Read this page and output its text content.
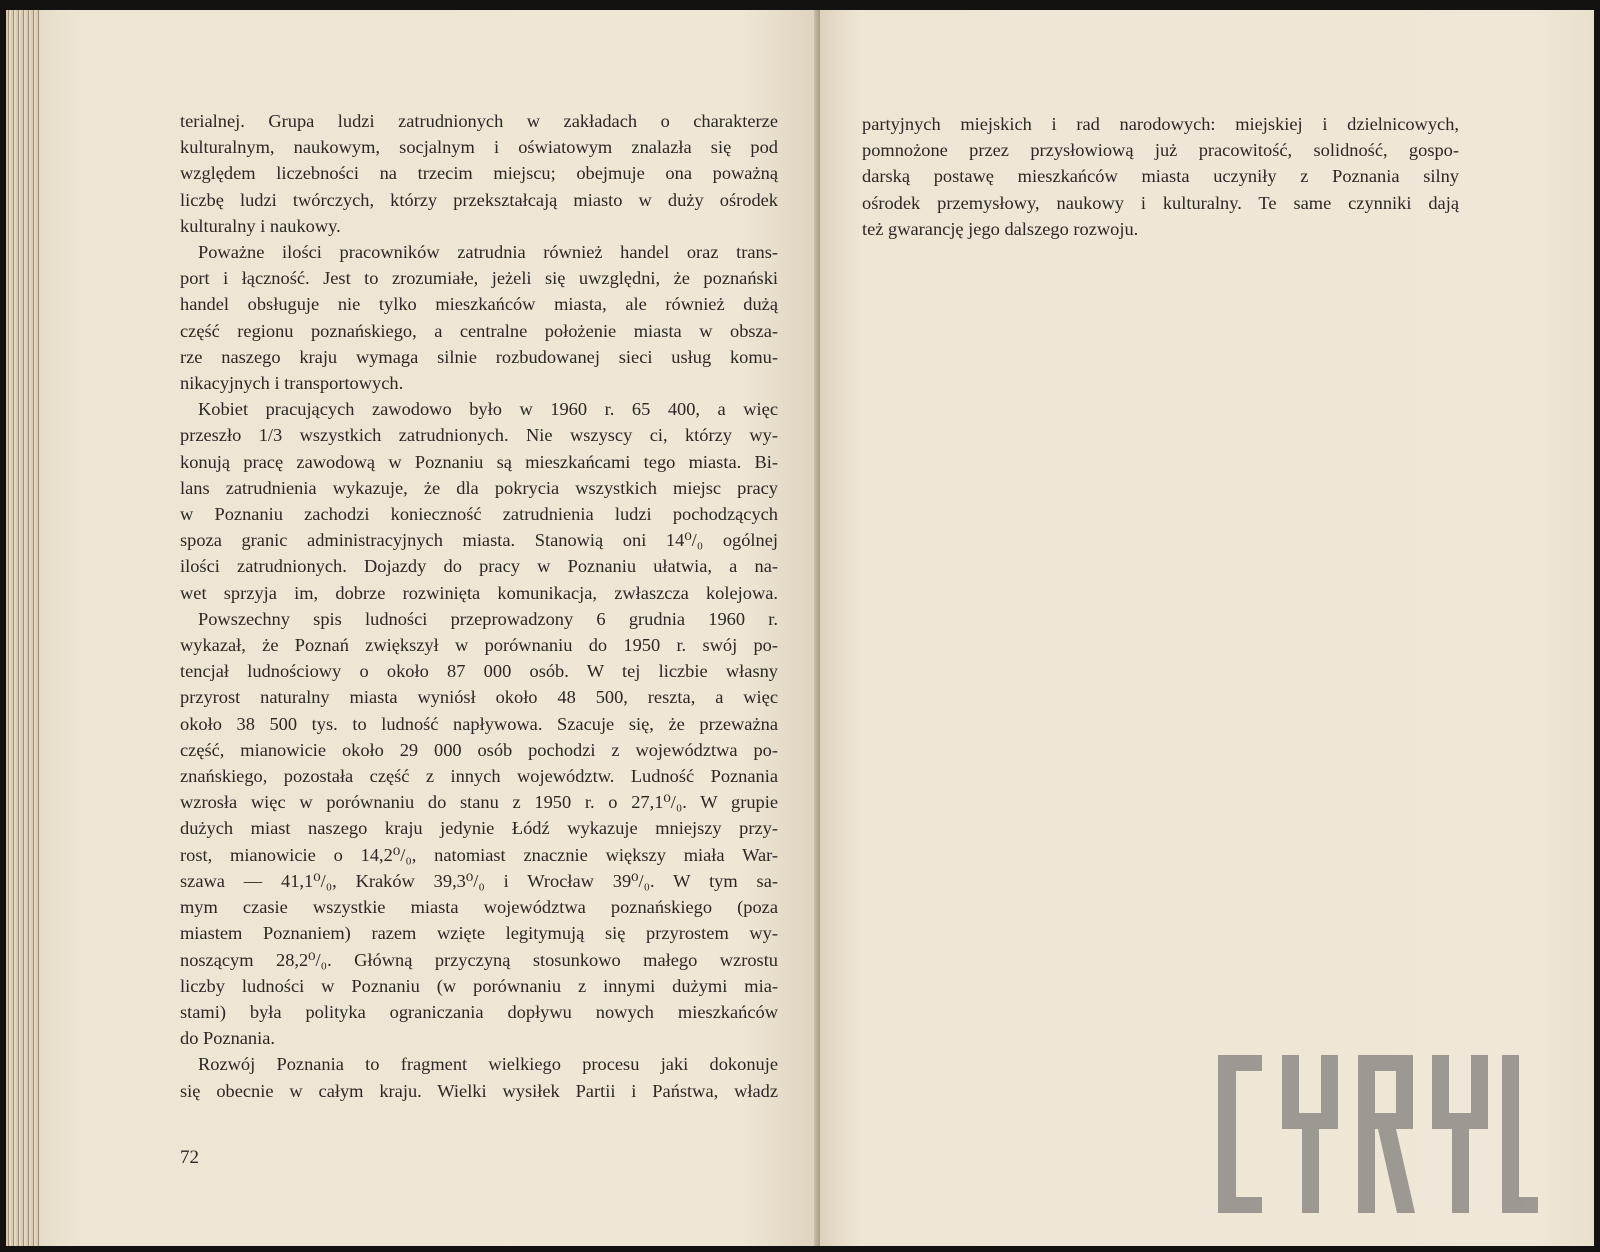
terialnej. Grupa ludzi zatrudnionych w zakładach o charakterze
kulturalnym, naukowym, socjalnym i oświatowym znalazła się pod
względem liczebności na trzecim miejscu; obejmuje ona poważną
liczbę ludzi twórczych, którzy przekształcają miasto w duży ośrodek
kulturalny i naukowy.
Poważne ilości pracowników zatrudnia również handel oraz trans-
port i łączność. Jest to zrozumiałe, jeżeli się uwzględni, że poznański
handel obsługuje nie tylko mieszkańców miasta, ale również dużą
część regionu poznańskiego, a centralne położenie miasta w obsza-
rze naszego kraju wymaga silnie rozbudowanej sieci usług komu-
nikacyjnych i transportowych.
Kobiet pracujących zawodowo było w 1960 r. 65 400, a więc
przeszło 1/3 wszystkich zatrudnionych. Nie wszyscy ci, którzy wy-
konują pracę zawodową w Poznaniu są mieszkańcami tego miasta. Bi-
lans zatrudnienia wykazuje, że dla pokrycia wszystkich miejsc pracy
w Poznaniu zachodzi konieczność zatrudnienia ludzi pochodzących
spoza granic administracyjnych miasta. Stanowią oni 14⁰/₀ ogólnej
ilości zatrudnionych. Dojazdy do pracy w Poznaniu ułatwia, a na-
wet sprzyja im, dobrze rozwinięta komunikacja, zwłaszcza kolejowa.
Powszechny spis ludności przeprowadzony 6 grudnia 1960 r.
wykazał, że Poznań zwiększył w porównaniu do 1950 r. swój po-
tencjał ludnościowy o około 87 000 osób. W tej liczbie własny
przyrost naturalny miasta wyniósł około 48 500, reszta, a więc
około 38 500 tys. to ludność napływowa. Szacuje się, że przeważna
część, mianowicie około 29 000 osób pochodzi z województwa po-
znańskiego, pozostała część z innych województw. Ludność Poznania
wzrosła więc w porównaniu do stanu z 1950 r. o 27,1⁰/₀. W grupie
dużych miast naszego kraju jedynie Łódź wykazuje mniejszy przy-
rost, mianowicie o 14,2⁰/₀, natomiast znacznie większy miała War-
szawa — 41,1⁰/₀, Kraków 39,3⁰/₀ i Wrocław 39⁰/₀. W tym sa-
mym czasie wszystkie miasta województwa poznańskiego (poza
miastem Poznaniem) razem wzięte legitymują się przyrostem wy-
noszącym 28,2⁰/₀. Główną przyczyną stosunkowo małego wzrostu
liczby ludności w Poznaniu (w porównaniu z innymi dużymi mia-
stami) była polityka ograniczania dopływu nowych mieszkańców
do Poznania.
Rozwój Poznania to fragment wielkiego procesu jaki dokonuje
się obecnie w całym kraju. Wielki wysiłek Partii i Państwa, władz
72
partyjnych miejskich i rad narodowych: miejskiej i dzielnicowych,
pomnożone przez przysłowiową już pracowitość, solidność, gospo-
darską postawę mieszkańców miasta uczyniły z Poznania silny
ośrodek przemysłowy, naukowy i kulturalny. Te same czynniki dają
też gwarancję jego dalszego rozwoju.
